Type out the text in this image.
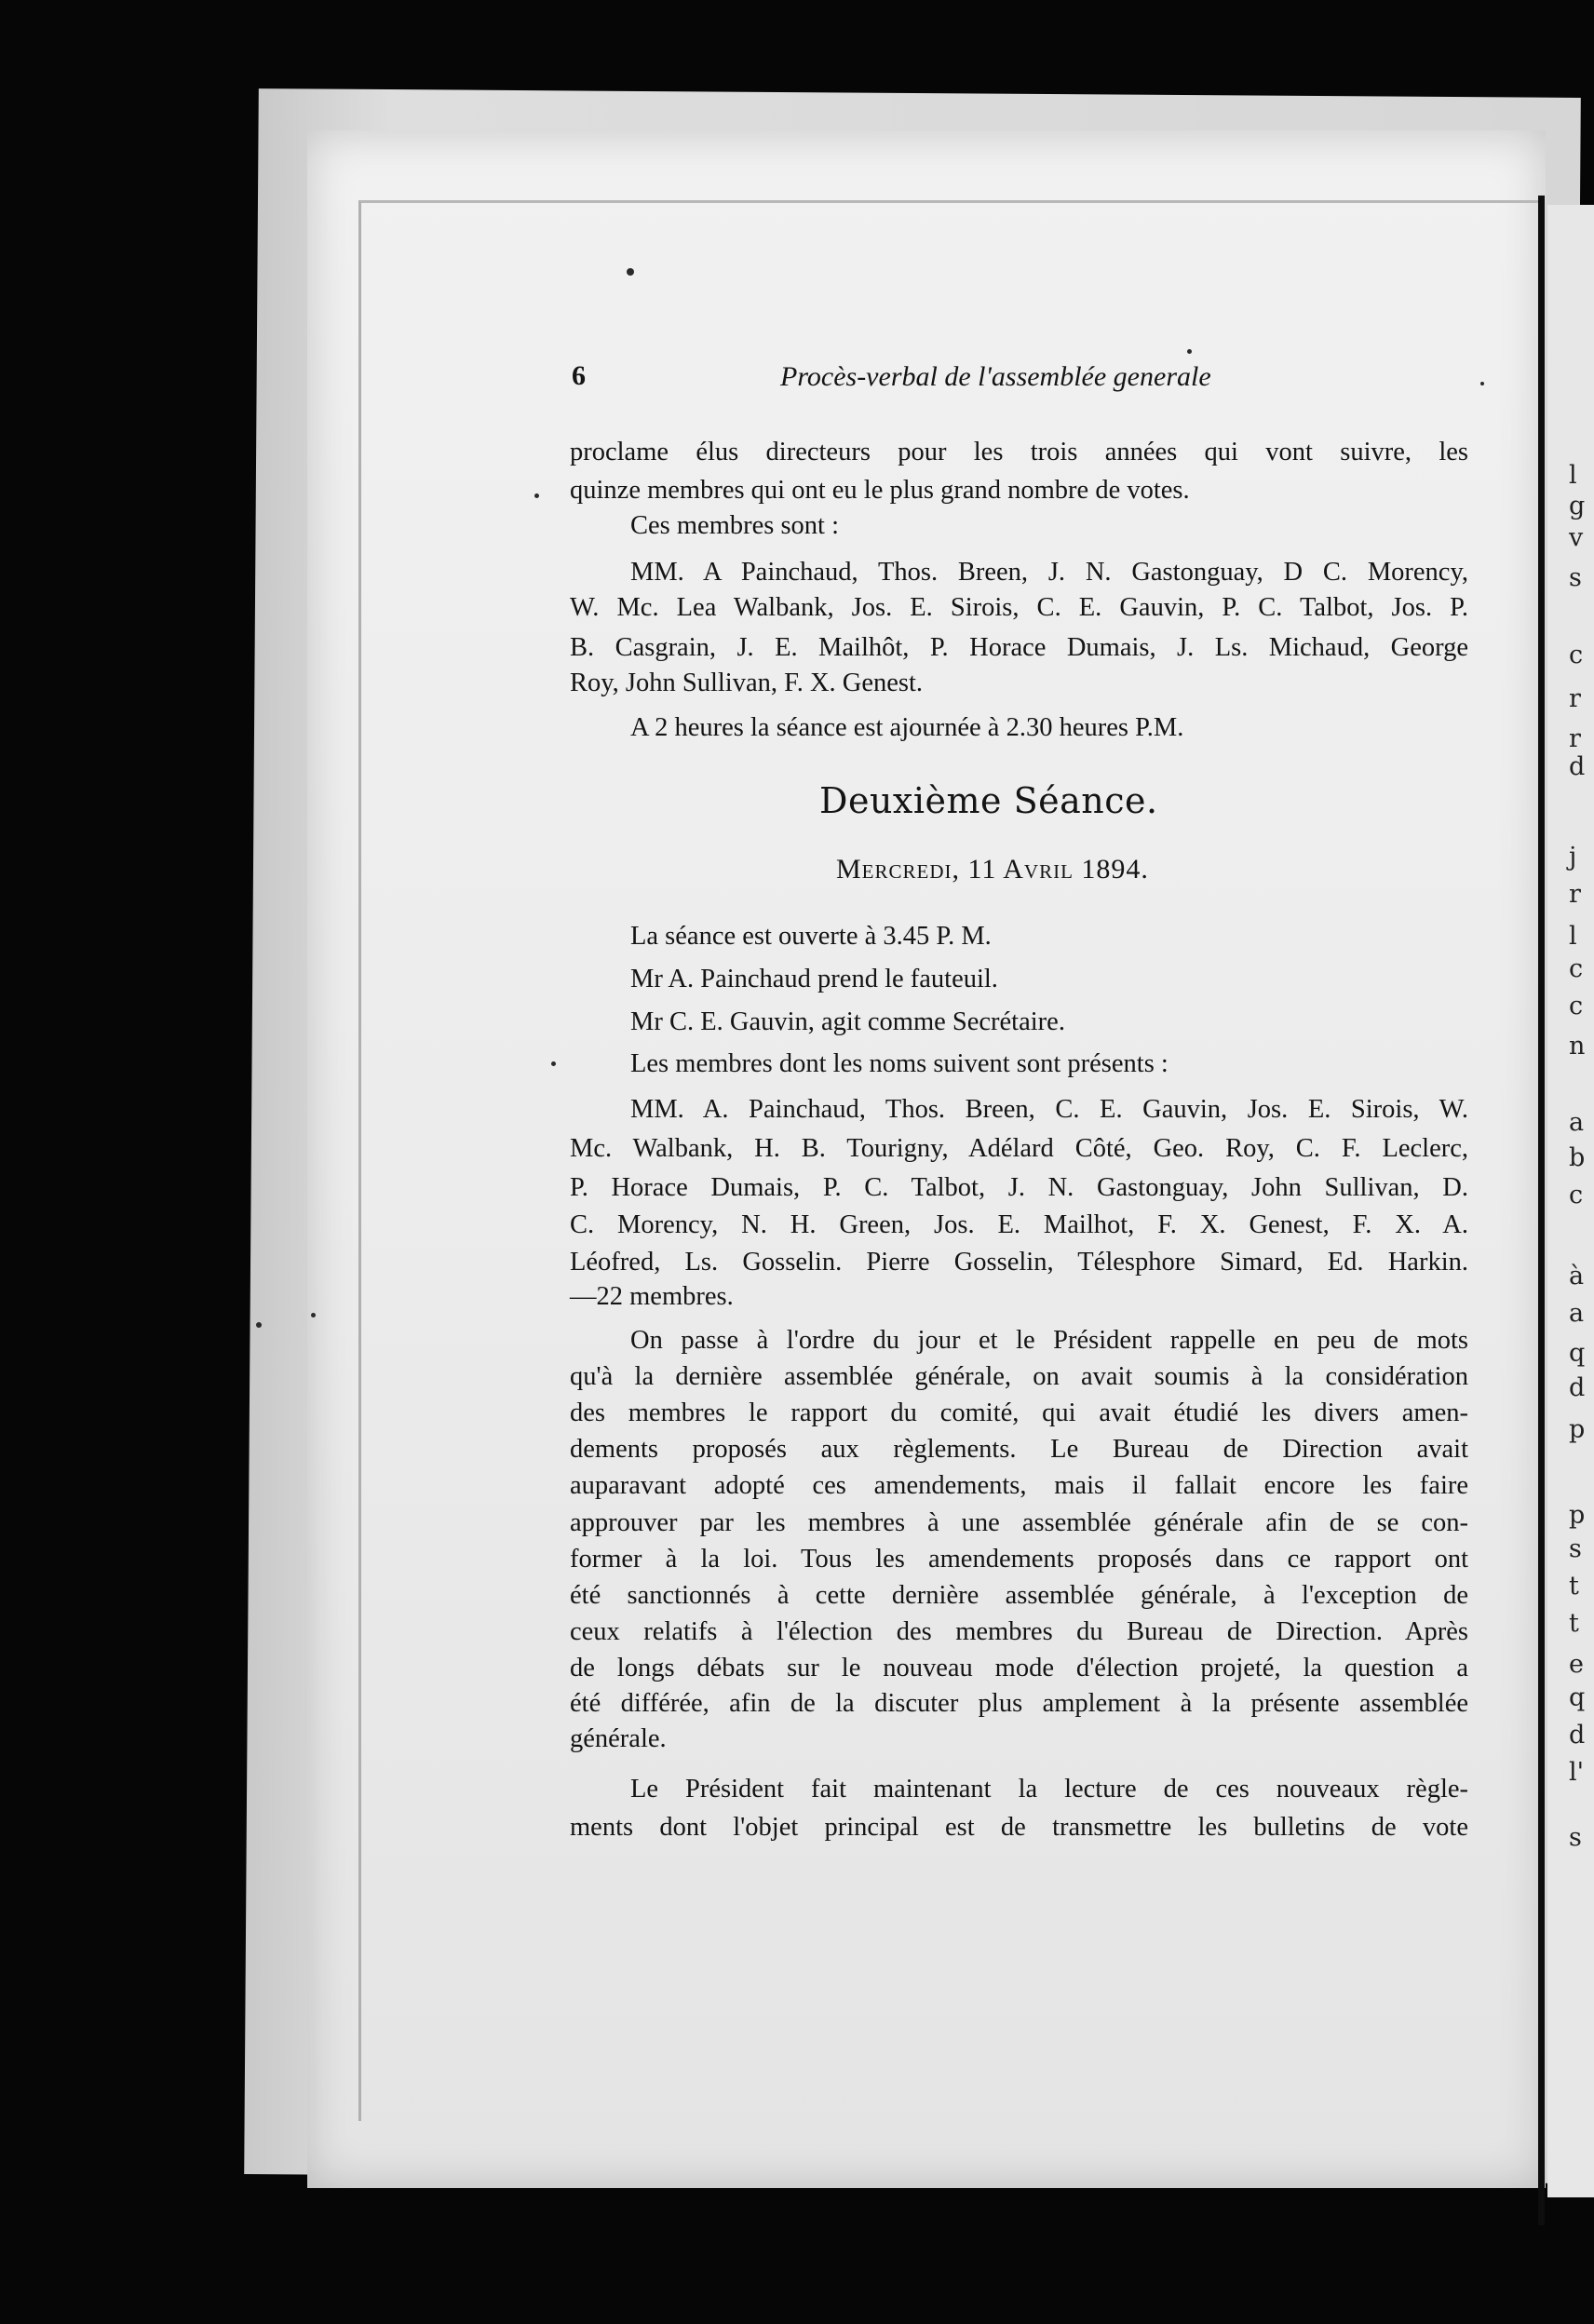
l
g
v
s
c
r
r
d
j
r
l
c
c
n
a
b
c
à
a
q
d
p
p
s
t
t
e
q
d
l'
s
6	Procès-verbal de l'assemblée generale
proclame élus directeurs pour les trois années qui vont suivre, les
quinze membres qui ont eu le plus grand nombre de votes.
Ces membres sont :
MM. A Painchaud, Thos. Breen, J. N. Gastonguay, D C. Morency,
W. Mc. Lea Walbank, Jos. E. Sirois, C. E. Gauvin, P. C. Talbot, Jos. P.
B. Casgrain, J. E. Mailhôt, P. Horace Dumais, J. Ls. Michaud, George
Roy, John Sullivan, F. X. Genest.
A 2 heures la séance est ajournée à 2.30 heures P.M.
La séance est ouverte à 3.45 P. M.
Mr A. Painchaud prend le fauteuil.
Mr C. E. Gauvin, agit comme Secrétaire.
Les membres dont les noms suivent sont présents :
MM. A. Painchaud, Thos. Breen, C. E. Gauvin, Jos. E. Sirois, W.
Mc. Walbank, H. B. Tourigny, Adélard Côté, Geo. Roy, C. F. Leclerc,
P. Horace Dumais, P. C. Talbot, J. N. Gastonguay, John Sullivan, D.
C. Morency, N. H. Green, Jos. E. Mailhot, F. X. Genest, F. X. A.
Léofred, Ls. Gosselin. Pierre Gosselin, Télesphore Simard, Ed. Harkin.
—22 membres.
On passe à l'ordre du jour et le Président rappelle en peu de mots
qu'à la dernière assemblée générale, on avait soumis à la considération
des membres le rapport du comité, qui avait étudié les divers amen-
dements proposés aux règlements. Le Bureau de Direction avait
auparavant adopté ces amendements, mais il fallait encore les faire
approuver par les membres à une assemblée générale afin de se con-
former à la loi. Tous les amendements proposés dans ce rapport ont
été sanctionnés à cette dernière assemblée générale, à l'exception de
ceux relatifs à l'élection des membres du Bureau de Direction. Après
de longs débats sur le nouveau mode d'élection projeté, la question a
été différée, afin de la discuter plus amplement à la présente assemblée
générale.
Le Président fait maintenant la lecture de ces nouveaux règle-
ments dont l'objet principal est de transmettre les bulletins de vote
Deuxième Séance.
Mercredi, 11 Avril 1894.
